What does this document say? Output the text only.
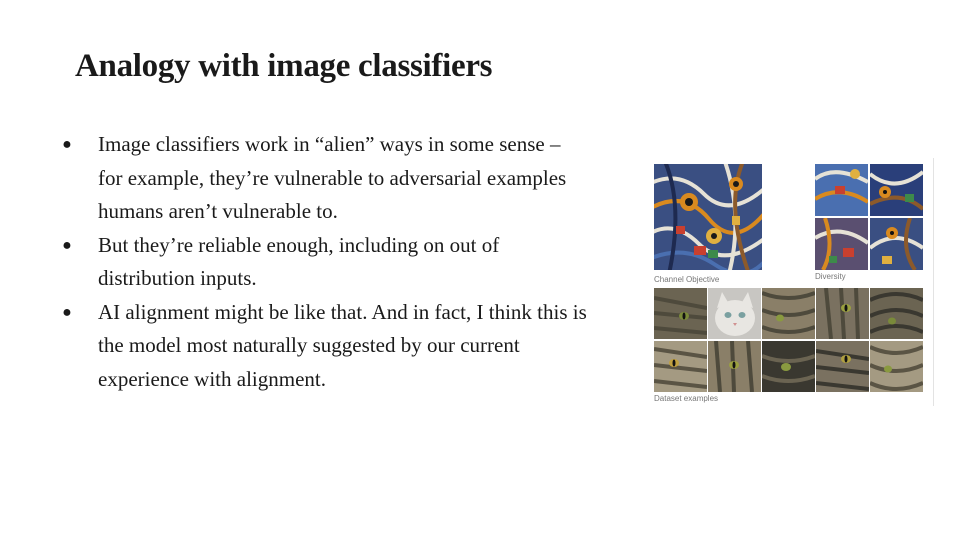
Analogy with image classifiers
● Image classifiers work in “alien” ways in some sense – for example, they’re vulnerable to adversarial examples humans aren’t vulnerable to.
● But they’re reliable enough, including on out of distribution inputs.
● AI alignment might be like that. And in fact, I think this is the model most naturally suggested by our current experience with alignment.
Channel Objective	Diversity
Dataset examples
